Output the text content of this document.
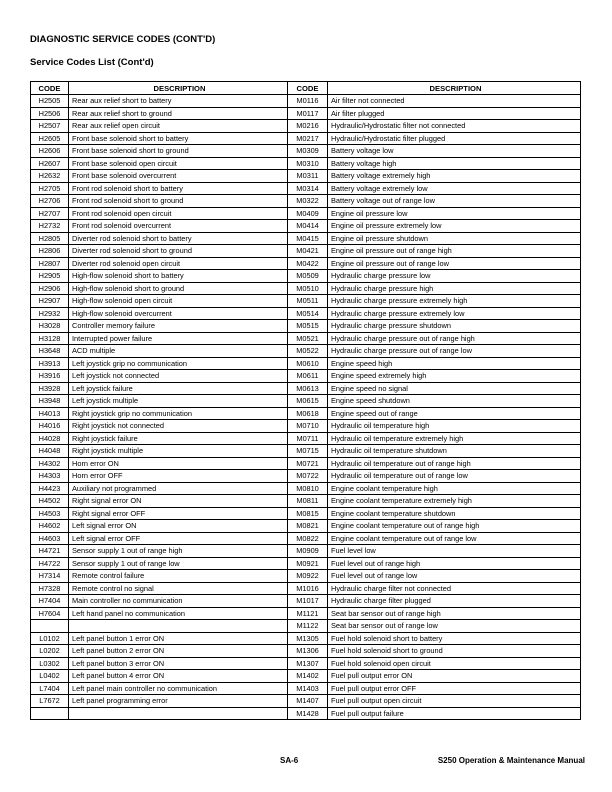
DIAGNOSTIC SERVICE CODES (CONT'D)
Service Codes List (Cont'd)
CODE	DESCRIPTION	CODE	DESCRIPTION
H2505	Rear aux relief short to battery	M0116	Air filter not connected
H2506	Rear aux relief short to ground	M0117	Air filter plugged
H2507	Rear aux relief open circuit	M0216	Hydraulic/Hydrostatic filter not connected
H2605	Front base solenoid short to battery	M0217	Hydraulic/Hydrostatic filter plugged
H2606	Front base solenoid short to ground	M0309	Battery voltage low
H2607	Front base solenoid open circuit	M0310	Battery voltage high
H2632	Front base solenoid overcurrent	M0311	Battery voltage extremely high
H2705	Front rod solenoid short to battery	M0314	Battery voltage extremely low
H2706	Front rod solenoid short to ground	M0322	Battery voltage out of range low
H2707	Front rod solenoid open circuit	M0409	Engine oil pressure low
H2732	Front rod solenoid overcurrent	M0414	Engine oil pressure extremely low
H2805	Diverter rod solenoid short to battery	M0415	Engine oil pressure shutdown
H2806	Diverter rod solenoid short to ground	M0421	Engine oil pressure out of range high
H2807	Diverter rod solenoid open circuit	M0422	Engine oil pressure out of range low
H2905	High-flow solenoid short to battery	M0509	Hydraulic charge pressure low
H2906	High-flow solenoid short to ground	M0510	Hydraulic charge pressure high
H2907	High-flow solenoid open circuit	M0511	Hydraulic charge pressure extremely high
H2932	High-flow solenoid overcurrent	M0514	Hydraulic charge pressure extremely low
H3028	Controller memory failure	M0515	Hydraulic charge pressure shutdown
H3128	Interrupted power failure	M0521	Hydraulic charge pressure out of range high
H3648	ACD multiple	M0522	Hydraulic charge pressure out of range low
H3913	Left joystick grip no communication	M0610	Engine speed high
H3916	Left joystick not connected	M0611	Engine speed extremely high
H3928	Left joystick failure	M0613	Engine speed no signal
H3948	Left joystick multiple	M0615	Engine speed shutdown
H4013	Right joystick grip no communication	M0618	Engine speed out of range
H4016	Right joystick not connected	M0710	Hydraulic oil temperature high
H4028	Right joystick failure	M0711	Hydraulic oil temperature extremely high
H4048	Right joystick multiple	M0715	Hydraulic oil temperature shutdown
H4302	Horn error ON	M0721	Hydraulic oil temperature out of range high
H4303	Horn error OFF	M0722	Hydraulic oil temperature out of range low
H4423	Auxiliary not programmed	M0810	Engine coolant temperature high
H4502	Right signal error ON	M0811	Engine coolant temperature extremely high
H4503	Right signal error OFF	M0815	Engine coolant temperature shutdown
H4602	Left signal error ON	M0821	Engine coolant temperature out of range high
H4603	Left signal error OFF	M0822	Engine coolant temperature out of range low
H4721	Sensor supply 1 out of range high	M0909	Fuel level low
H4722	Sensor supply 1 out of range low	M0921	Fuel level out of range high
H7314	Remote control failure	M0922	Fuel level out of range low
H7328	Remote control no signal	M1016	Hydraulic charge filter not connected
H7404	Main controller no communication	M1017	Hydraulic charge filter plugged
H7604	Left hand panel no communication	M1121	Seat bar sensor out of range high
		M1122	Seat bar sensor out of range low
L0102	Left panel button 1 error ON	M1305	Fuel hold solenoid short to battery
L0202	Left panel button 2 error ON	M1306	Fuel hold solenoid short to ground
L0302	Left panel button 3 error ON	M1307	Fuel hold solenoid open circuit
L0402	Left panel button 4 error ON	M1402	Fuel pull output error ON
L7404	Left panel main controller no communication	M1403	Fuel pull output error OFF
L7672	Left panel programming error	M1407	Fuel pull output open circuit
		M1428	Fuel pull output failure
SA-6	S250 Operation & Maintenance Manual
